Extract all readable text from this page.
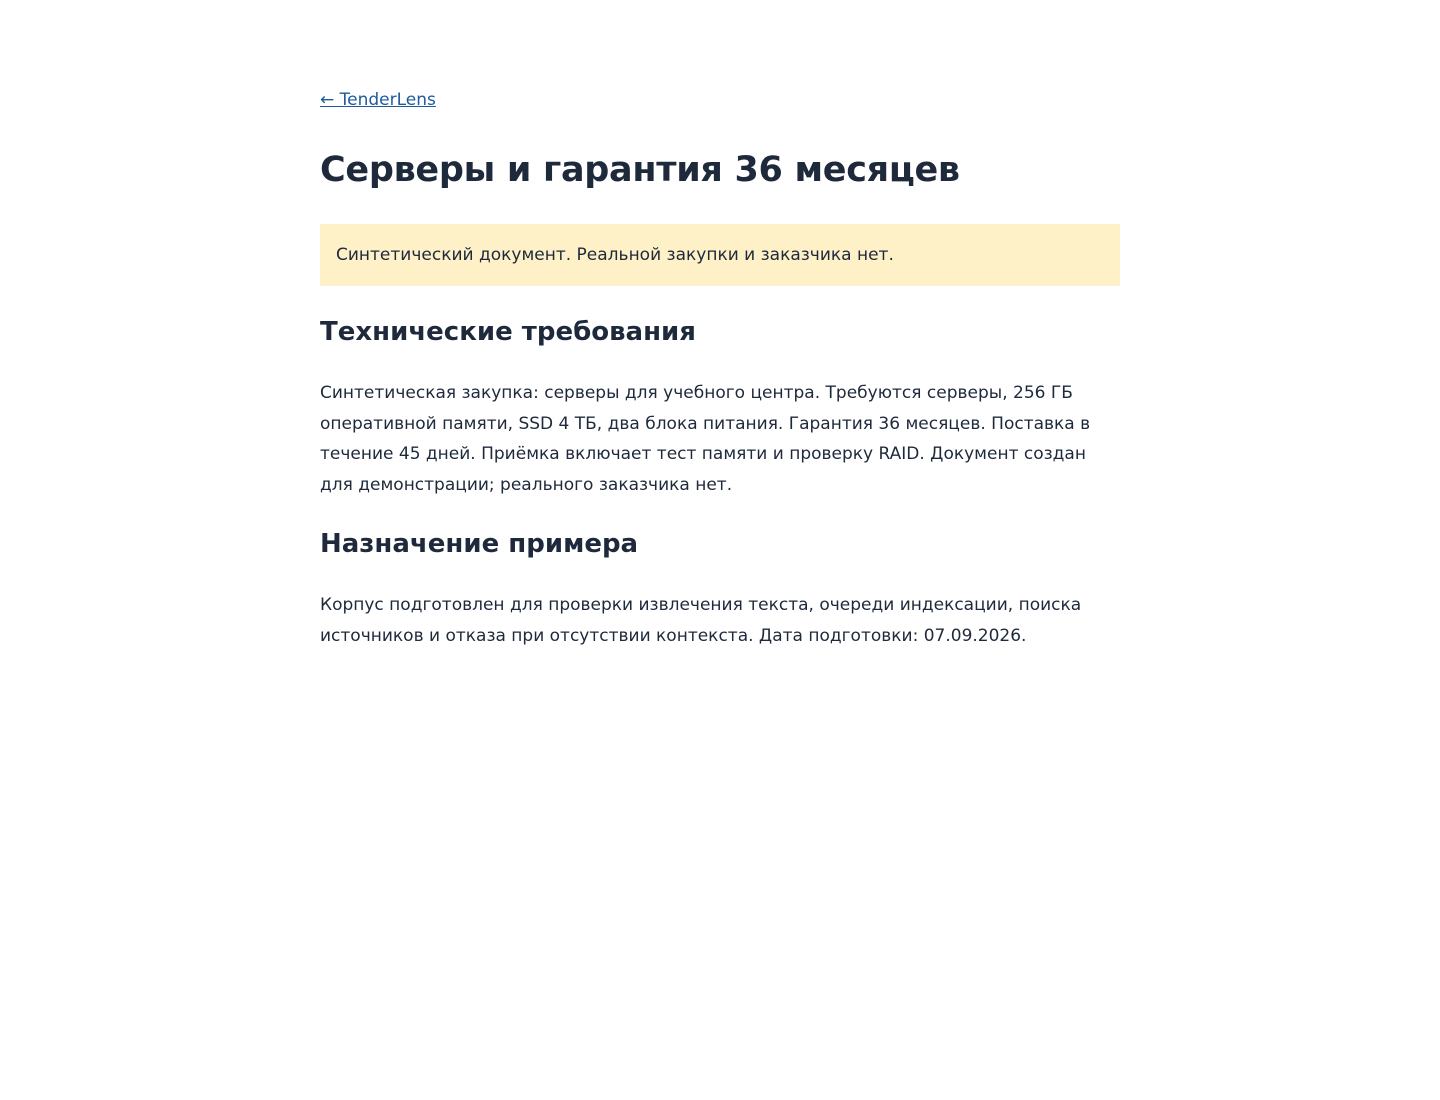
← TenderLens
Серверы и гарантия 36 месяцев
Синтетический документ. Реальной закупки и заказчика нет.
Технические требования

Синтетическая закупка: серверы для учебного центра. Требуются серверы, 256 ГБ оперативной памяти, SSD 4 ТБ, два блока питания. Гарантия 36 месяцев. Поставка в течение 45 дней. Приёмка включает тест памяти и проверку RAID. Документ создан для демонстрации; реального заказчика нет.

Назначение примера

Корпус подготовлен для проверки извлечения текста, очереди индексации, поиска источников и отказа при отсутствии контекста. Дата подготовки: 07.09.2026.
